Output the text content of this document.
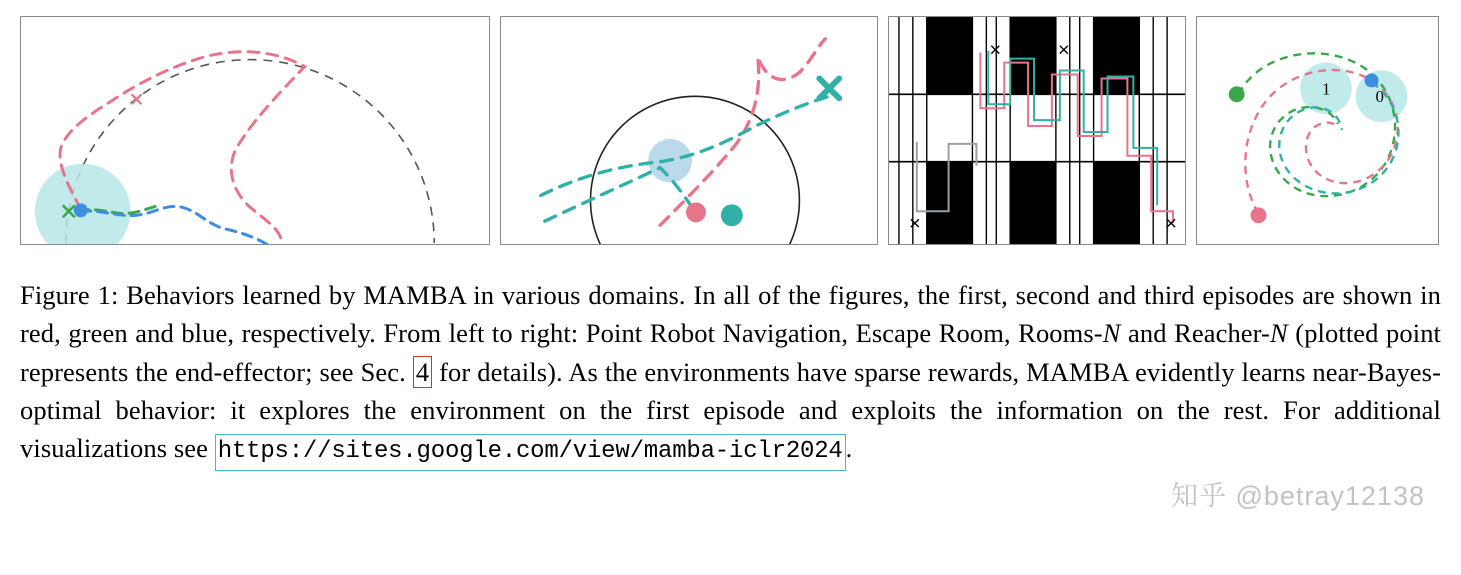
1	0
Figure 1: Behaviors learned by MAMBA in various domains. In all of the figures, the first, second and third episodes are shown in red, green and blue, respectively. From left to right: Point Robot Navigation, Escape Room, Rooms-N and Reacher-N (plotted point represents the end-effector; see Sec. 4 for details). As the environments have sparse rewards, MAMBA evidently learns near-Bayes-optimal behavior: it explores the environment on the first episode and exploits the information on the rest. For additional visualizations see https://sites.google.com/view/mamba-iclr2024 .
知乎 @betray12138
